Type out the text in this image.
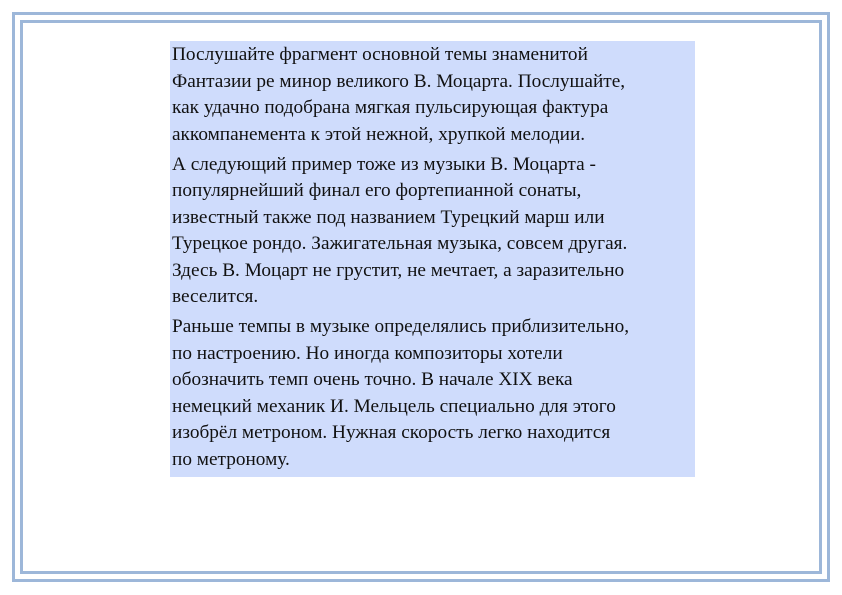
Послушайте фрагмент основной темы знаменитой
Фантазии ре минор великого В. Моцарта. Послушайте,
как удачно подобрана мягкая пульсирующая фактура
аккомпанемента к этой нежной, хрупкой мелодии.

А следующий пример тоже из музыки В. Моцарта -
популярнейший финал его фортепианной сонаты,
известный также под названием Турецкий марш или
Турецкое рондо. Зажигательная музыка, совсем другая.
Здесь В. Моцарт не грустит, не мечтает, а заразительно
веселится.

Раньше темпы в музыке определялись приблизительно,
по настроению. Но иногда композиторы хотели
обозначить темп очень точно. В начале XIX века
немецкий механик И. Мельцель специально для этого
изобрёл метроном. Нужная скорость легко находится
по метроному.
